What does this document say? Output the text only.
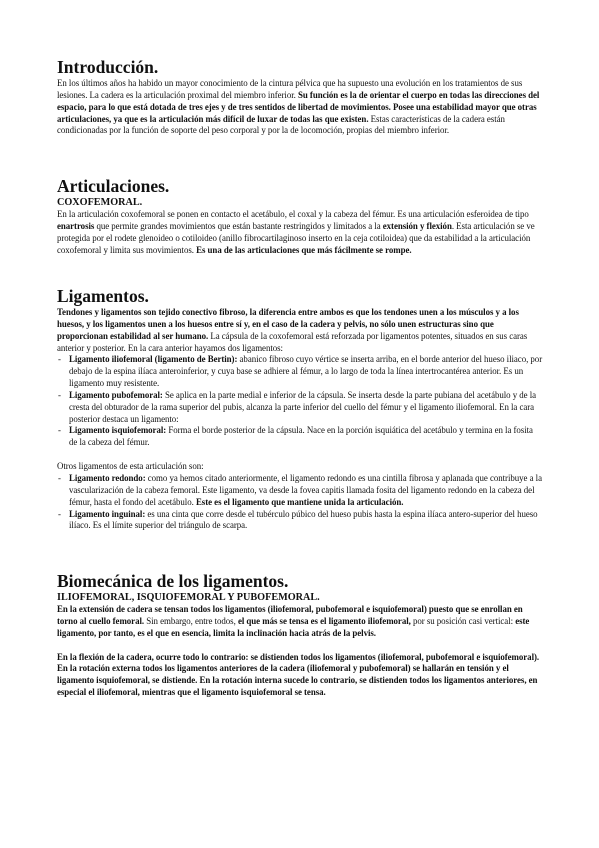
Introducción.

En los últimos años ha habido un mayor conocimiento de la cintura pélvica que ha supuesto una evolución en los tratamientos de sus lesiones. La cadera es la articulación proximal del miembro inferior. Su función es la de orientar el cuerpo en todas las direcciones del espacio, para lo que está dotada de tres ejes y de tres sentidos de libertad de movimientos. Posee una estabilidad mayor que otras articulaciones, ya que es la articulación más difícil de luxar de todas las que existen. Estas características de la cadera están condicionadas por la función de soporte del peso corporal y por la de locomoción, propias del miembro inferior.

Articulaciones.
COXOFEMORAL.

En la articulación coxofemoral se ponen en contacto el acetábulo, el coxal y la cabeza del fémur. Es una articulación esferoidea de tipo enartrosis que permite grandes movimientos que están bastante restringidos y limitados a la extensión y flexión. Esta articulación se ve protegida por el rodete glenoideo o cotiloideo (anillo fibrocartilaginoso inserto en la ceja cotiloidea) que da estabilidad a la articulación coxofemoral y limita sus movimientos. Es una de las articulaciones que más fácilmente se rompe.

Ligamentos.

Tendones y ligamentos son tejido conectivo fibroso, la diferencia entre ambos es que los tendones unen a los músculos y a los huesos, y los ligamentos unen a los huesos entre sí y, en el caso de la cadera y pelvis, no sólo unen estructuras sino que proporcionan estabilidad al ser humano. La cápsula de la coxofemoral está reforzada por ligamentos potentes, situados en sus caras anterior y posterior. En la cara anterior hayamos dos ligamentos:

- Ligamento iliofemoral (ligamento de Bertin): abanico fibroso cuyo vértice se inserta arriba, en el borde anterior del hueso iliaco, por debajo de la espina ilíaca anteroinferior, y cuya base se adhiere al fémur, a lo largo de toda la línea intertrocantérea anterior. Es un ligamento muy resistente.
- Ligamento pubofemoral: Se aplica en la parte medial e inferior de la cápsula. Se inserta desde la parte pubiana del acetábulo y de la cresta del obturador de la rama superior del pubis, alcanza la parte inferior del cuello del fémur y el ligamento iliofemoral. En la cara posterior destaca un ligamento:
- Ligamento isquiofemoral: Forma el borde posterior de la cápsula. Nace en la porción isquiática del acetábulo y termina en la fosita de la cabeza del fémur.

Otros ligamentos de esta articulación son:

- Ligamento redondo: como ya hemos citado anteriormente, el ligamento redondo es una cintilla fibrosa y aplanada que contribuye a la vascularización de la cabeza femoral. Este ligamento, va desde la fovea capitis llamada fosita del ligamento redondo en la cabeza del fémur, hasta el fondo del acetábulo. Este es el ligamento que mantiene unida la articulación.
- Ligamento inguinal: es una cinta que corre desde el tubérculo púbico del hueso pubis hasta la espina ilíaca antero-superior del hueso ilíaco. Es el límite superior del triángulo de scarpa.
Biomecánica de los ligamentos.
ILIOFEMORAL, ISQUIOFEMORAL Y PUBOFEMORAL.

En la extensión de cadera se tensan todos los ligamentos (iliofemoral, pubofemoral e isquiofemoral) puesto que se enrollan en torno al cuello femoral. Sin embargo, entre todos, el que más se tensa es el ligamento iliofemoral, por su posición casi vertical: este ligamento, por tanto, es el que en esencia, limita la inclinación hacia atrás de la pelvis.

En la flexión de la cadera, ocurre todo lo contrario: se distienden todos los ligamentos (iliofemoral, pubofemoral e isquiofemoral). En la rotación externa todos los ligamentos anteriores de la cadera (iliofemoral y pubofemoral) se hallarán en tensión y el ligamento isquiofemoral, se distiende. En la rotación interna sucede lo contrario, se distienden todos los ligamentos anteriores, en especial el iliofemoral, mientras que el ligamento isquiofemoral se tensa.
